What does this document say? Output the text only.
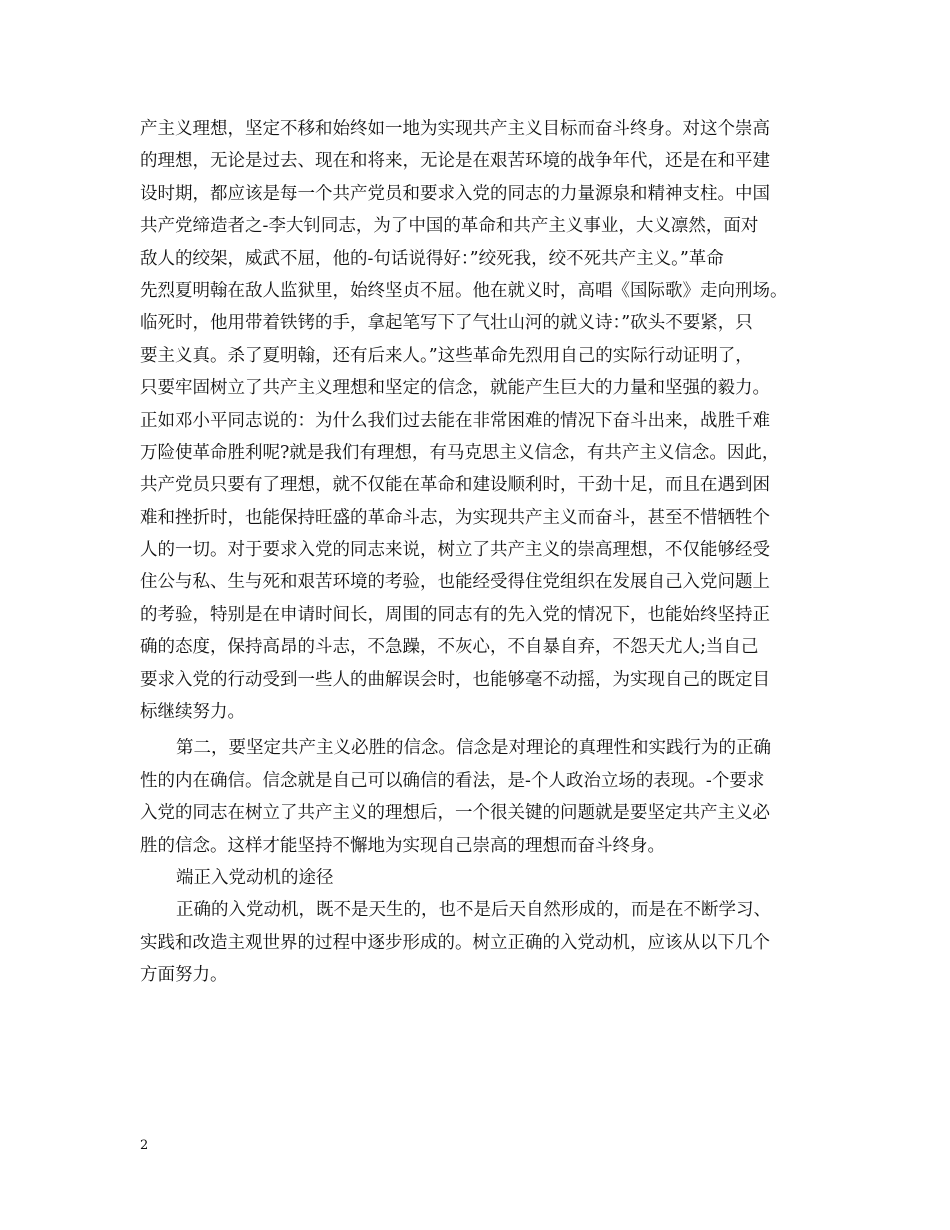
产主义理想，坚定不移和始终如一地为实现共产主义目标而奋斗终身。对这个崇高
的理想，无论是过去、现在和将来，无论是在艰苦环境的战争年代，还是在和平建
设时期，都应该是每一个共产党员和要求入党的同志的力量源泉和精神支柱。中国
共产党缔造者之-李大钊同志，为了中国的革命和共产主义事业，大义凛然，面对
敌人的绞架，威武不屈，他的-句话说得好：”绞死我，绞不死共产主义。”革命
先烈夏明翰在敌人监狱里，始终坚贞不屈。他在就义时，高唱《国际歌》走向刑场。
临死时，他用带着铁铐的手，拿起笔写下了气壮山河的就义诗：”砍头不要紧，只
要主义真。杀了夏明翰，还有后来人。”这些革命先烈用自己的实际行动证明了，
只要牢固树立了共产主义理想和坚定的信念，就能产生巨大的力量和坚强的毅力。
正如邓小平同志说的：为什么我们过去能在非常困难的情况下奋斗出来，战胜千难
万险使革命胜利呢?就是我们有理想，有马克思主义信念，有共产主义信念。因此，
共产党员只要有了理想，就不仅能在革命和建设顺利时，干劲十足，而且在遇到困
难和挫折时，也能保持旺盛的革命斗志，为实现共产主义而奋斗，甚至不惜牺牲个
人的一切。对于要求入党的同志来说，树立了共产主义的崇高理想，不仅能够经受
住公与私、生与死和艰苦环境的考验，也能经受得住党组织在发展自己入党问题上
的考验，特别是在申请时间长，周围的同志有的先入党的情况下，也能始终坚持正
确的态度，保持高昂的斗志，不急躁，不灰心，不自暴自弃，不怨天尤人;当自己
要求入党的行动受到一些人的曲解误会时，也能够毫不动摇，为实现自己的既定目
标继续努力。
第二，要坚定共产主义必胜的信念。信念是对理论的真理性和实践行为的正确
性的内在确信。信念就是自己可以确信的看法，是-个人政治立场的表现。-个要求
入党的同志在树立了共产主义的理想后，一个很关键的问题就是要坚定共产主义必
胜的信念。这样才能坚持不懈地为实现自己崇高的理想而奋斗终身。
端正入党动机的途径
正确的入党动机，既不是天生的，也不是后天自然形成的，而是在不断学习、
实践和改造主观世界的过程中逐步形成的。树立正确的入党动机，应该从以下几个
方面努力。
2
